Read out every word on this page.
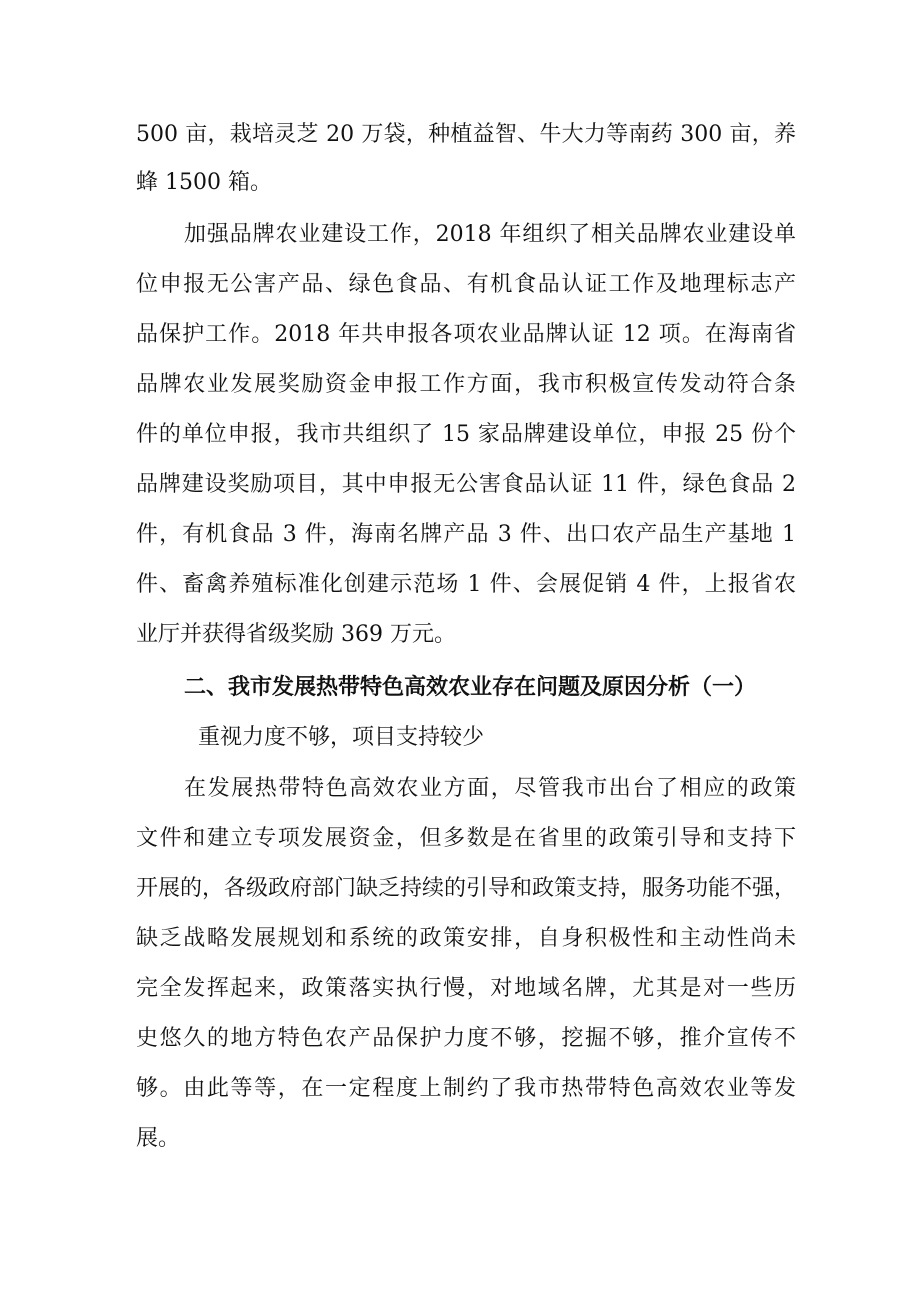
500 亩，栽培灵芝 20 万袋，种植益智、牛大力等南药 300 亩，养
蜂 1500 箱。
加强品牌农业建设工作，2018 年组织了相关品牌农业建设单
位申报无公害产品、绿色食品、有机食品认证工作及地理标志产
品保护工作。2018 年共申报各项农业品牌认证 12 项。在海南省
品牌农业发展奖励资金申报工作方面，我市积极宣传发动符合条
件的单位申报，我市共组织了 15 家品牌建设单位，申报 25 份个
品牌建设奖励项目，其中申报无公害食品认证 11 件，绿色食品 2
件，有机食品 3 件，海南名牌产品 3 件、出口农产品生产基地 1
件、畜禽养殖标准化创建示范场 1 件、会展促销 4 件，上报省农
业厅并获得省级奖励 369 万元。
二、我市发展热带特色高效农业存在问题及原因分析（一）
重视力度不够，项目支持较少
在发展热带特色高效农业方面，尽管我市出台了相应的政策
文件和建立专项发展资金，但多数是在省里的政策引导和支持下
开展的，各级政府部门缺乏持续的引导和政策支持，服务功能不强，
缺乏战略发展规划和系统的政策安排，自身积极性和主动性尚未
完全发挥起来，政策落实执行慢，对地域名牌，尤其是对一些历
史悠久的地方特色农产品保护力度不够，挖掘不够，推介宣传不
够。由此等等，在一定程度上制约了我市热带特色高效农业等发
展。
